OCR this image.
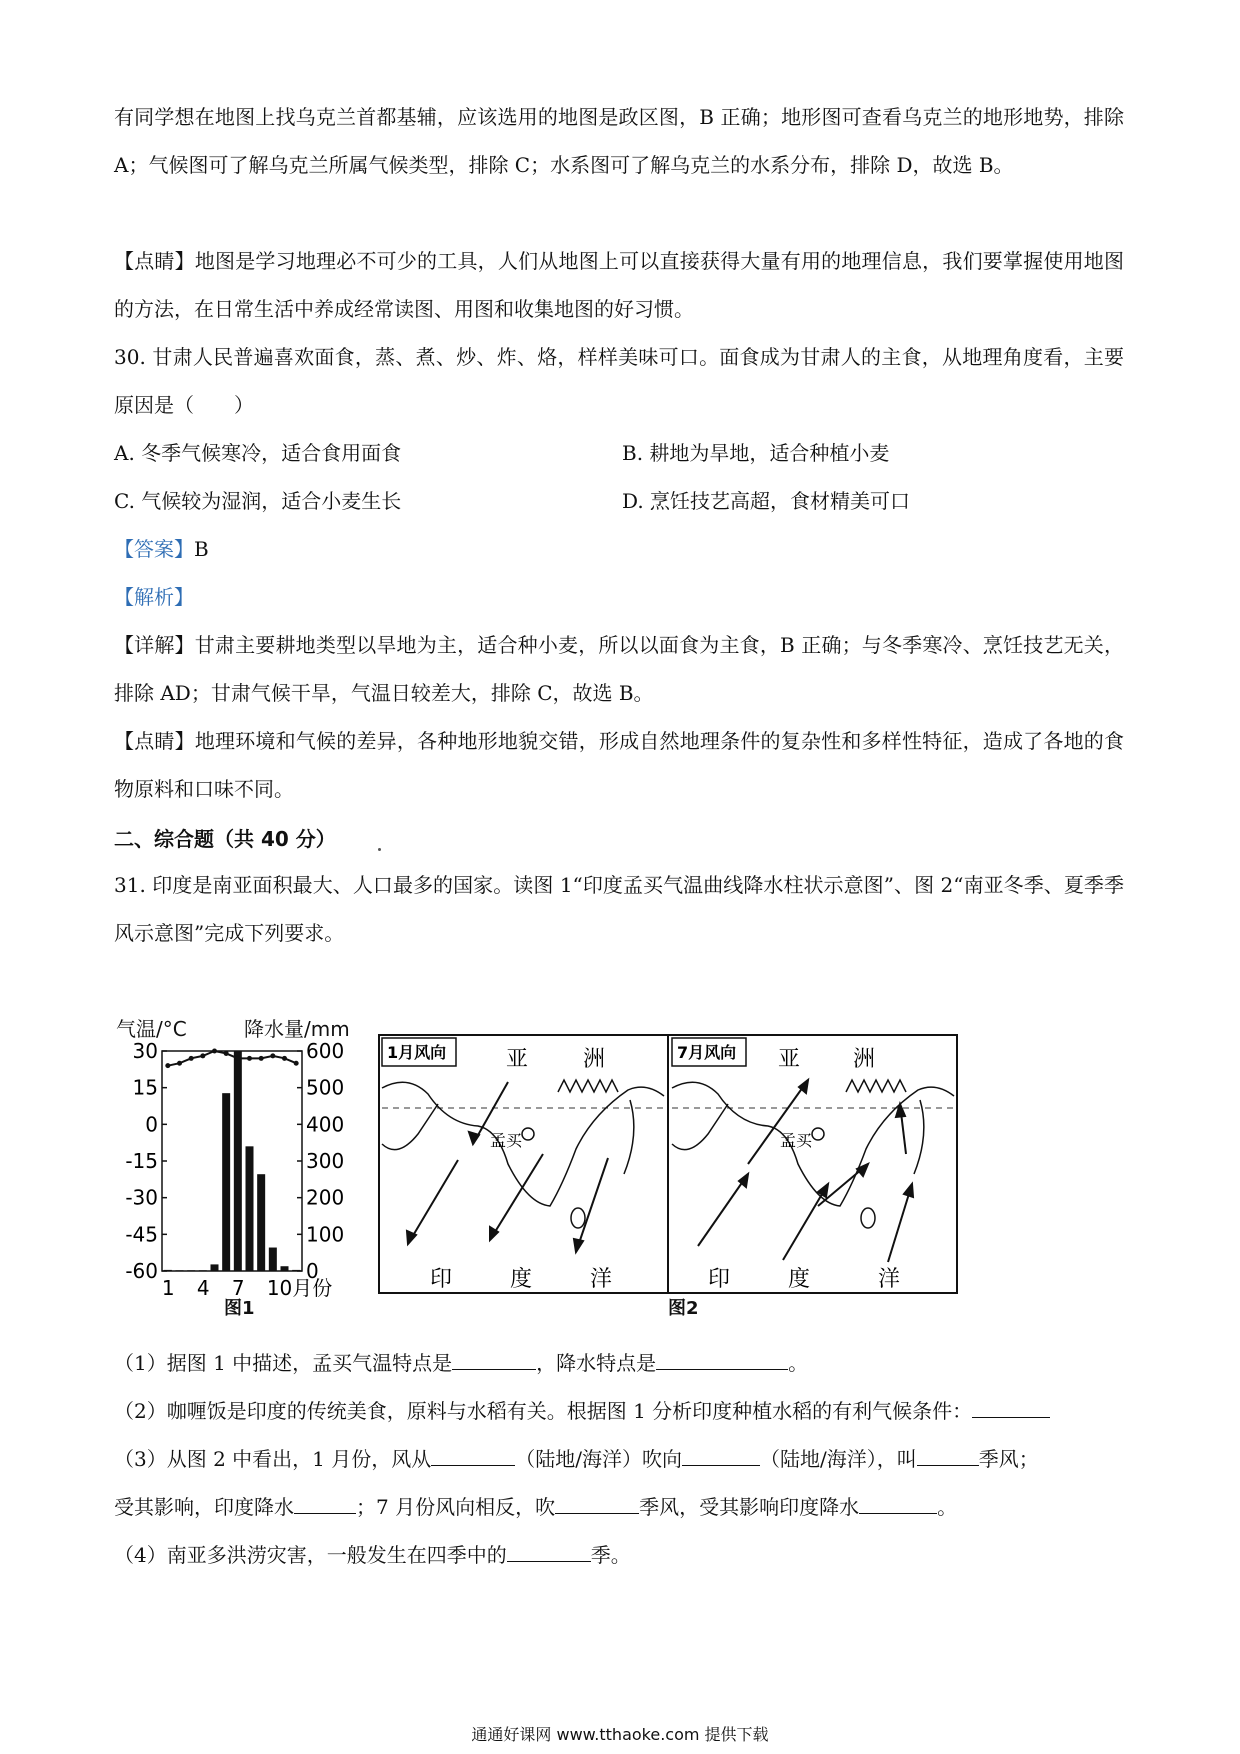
有同学想在地图上找乌克兰首都基辅，应该选用的地图是政区图，B 正确；地形图可查看乌克兰的地形地势，排除 A；气候图可了解乌克兰所属气候类型，排除 C；水系图可了解乌克兰的水系分布，排除 D，故选 B。

【点睛】地图是学习地理必不可少的工具，人们从地图上可以直接获得大量有用的地理信息，我们要掌握使用地图的方法，在日常生活中养成经常读图、用图和收集地图的好习惯。

30. 甘肃人民普遍喜欢面食，蒸、煮、炒、炸、烙，样样美味可口。面食成为甘肃人的主食，从地理角度看，主要原因是（　　）

A. 冬季气候寒冷，适合食用面食	B. 耕地为旱地，适合种植小麦
C. 气候较为湿润，适合小麦生长	D. 烹饪技艺高超，食材精美可口
【答案】B
【解析】

【详解】甘肃主要耕地类型以旱地为主，适合种小麦，所以以面食为主食，B 正确；与冬季寒冷、烹饪技艺无关，排除 AD；甘肃气候干旱，气温日较差大，排除 C，故选 B。

【点睛】地理环境和气候的差异，各种地形地貌交错，形成自然地理条件的复杂性和多样性特征，造成了各地的食物原料和口味不同。

二、综合题（共 40 分）

31. 印度是南亚面积最大、人口最多的国家。读图 1“印度孟买气温曲线降水柱状示意图”、图 2“南亚冬季、夏季季风示意图”完成下列要求。

气温/°C	降水量/mm
30
15
0
-15
-30
-45
-60
600
500
400
300
200
100
0
1 4 7 10月份
图1
1月风向	亚 洲
孟买
印	度	洋
7月风向 亚 洲
孟买
印	度	洋
图2
（1）据图 1 中描述，孟买气温特点是	，降水特点是	。
（2）咖喱饭是印度的传统美食，原料与水稻有关。根据图 1 分析印度种植水稻的有利气候条件：
（3）从图 2 中看出，1 月份，风从	（陆地/海洋）吹向	（陆地/海洋），叫	季风；
受其影响，印度降水	；7 月份风向相反，吹	季风，受其影响印度降水	。
（4）南亚多洪涝灾害，一般发生在四季中的	季。
通通好课网 www.tthaoke.com 提供下载
